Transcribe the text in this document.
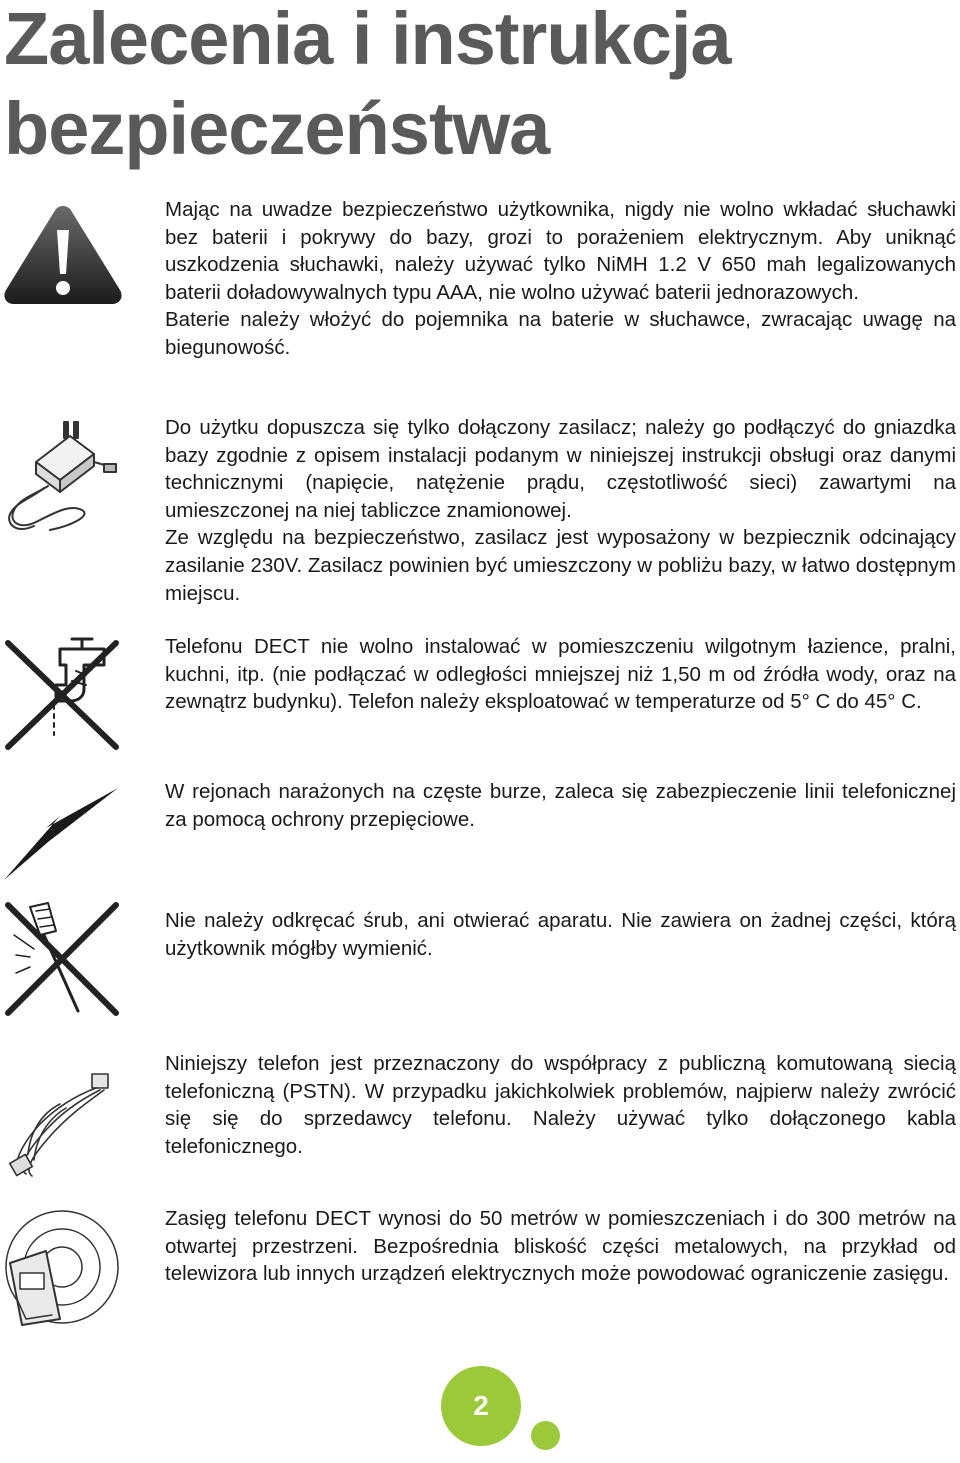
Zalecenia i instrukcja
bezpieczeństwa

Mając na uwadze bezpieczeństwo użytkownika, nigdy nie wolno wkładać słuchawki bez baterii i pokrywy do bazy, grozi to porażeniem elektrycznym. Aby uniknąć uszkodzenia słuchawki, należy używać tylko NiMH 1.2 V 650 mah legalizowanych baterii doładowywalnych typu AAA, nie wolno używać baterii jednorazowych.

Baterie należy włożyć do pojemnika na baterie w słuchawce, zwracając uwagę na biegunowość.

Do użytku dopuszcza się tylko dołączony zasilacz; należy go podłączyć do gniazdka bazy zgodnie z opisem instalacji podanym w niniejszej instrukcji obsługi oraz danymi technicznymi (napięcie, natężenie prądu, częstotliwość sieci) zawartymi na umieszczonej na niej tabliczce znamionowej.

Ze względu na bezpieczeństwo, zasilacz jest wyposażony w bezpiecznik odcinający zasilanie 230V. Zasilacz powinien być umieszczony w pobliżu bazy, w łatwo dostępnym miejscu.

Telefonu DECT nie wolno instalować w pomieszczeniu wilgotnym łazience, pralni, kuchni, itp. (nie podłączać w odległości mniejszej niż 1,50 m od źródła wody, oraz na zewnątrz budynku). Telefon należy eksploatować w temperaturze od 5° C do 45° C.

W rejonach narażonych na częste burze, zaleca się zabezpieczenie linii telefonicznej za pomocą ochrony przepięciowe.

Nie należy odkręcać śrub, ani otwierać aparatu. Nie zawiera on żadnej części, którą użytkownik mógłby wymienić.

Niniejszy telefon jest przeznaczony do współpracy z publiczną komutowaną siecią telefoniczną (PSTN). W przypadku jakichkolwiek problemów, najpierw należy zwrócić się się do sprzedawcy telefonu. Należy używać tylko dołączonego kabla telefonicznego.

Zasięg telefonu DECT wynosi do 50 metrów w pomieszczeniach i do 300 metrów na otwartej przestrzeni. Bezpośrednia bliskość części metalowych, na przykład od telewizora lub innych urządzeń elektrycznych może powodować ograniczenie zasięgu.

2
